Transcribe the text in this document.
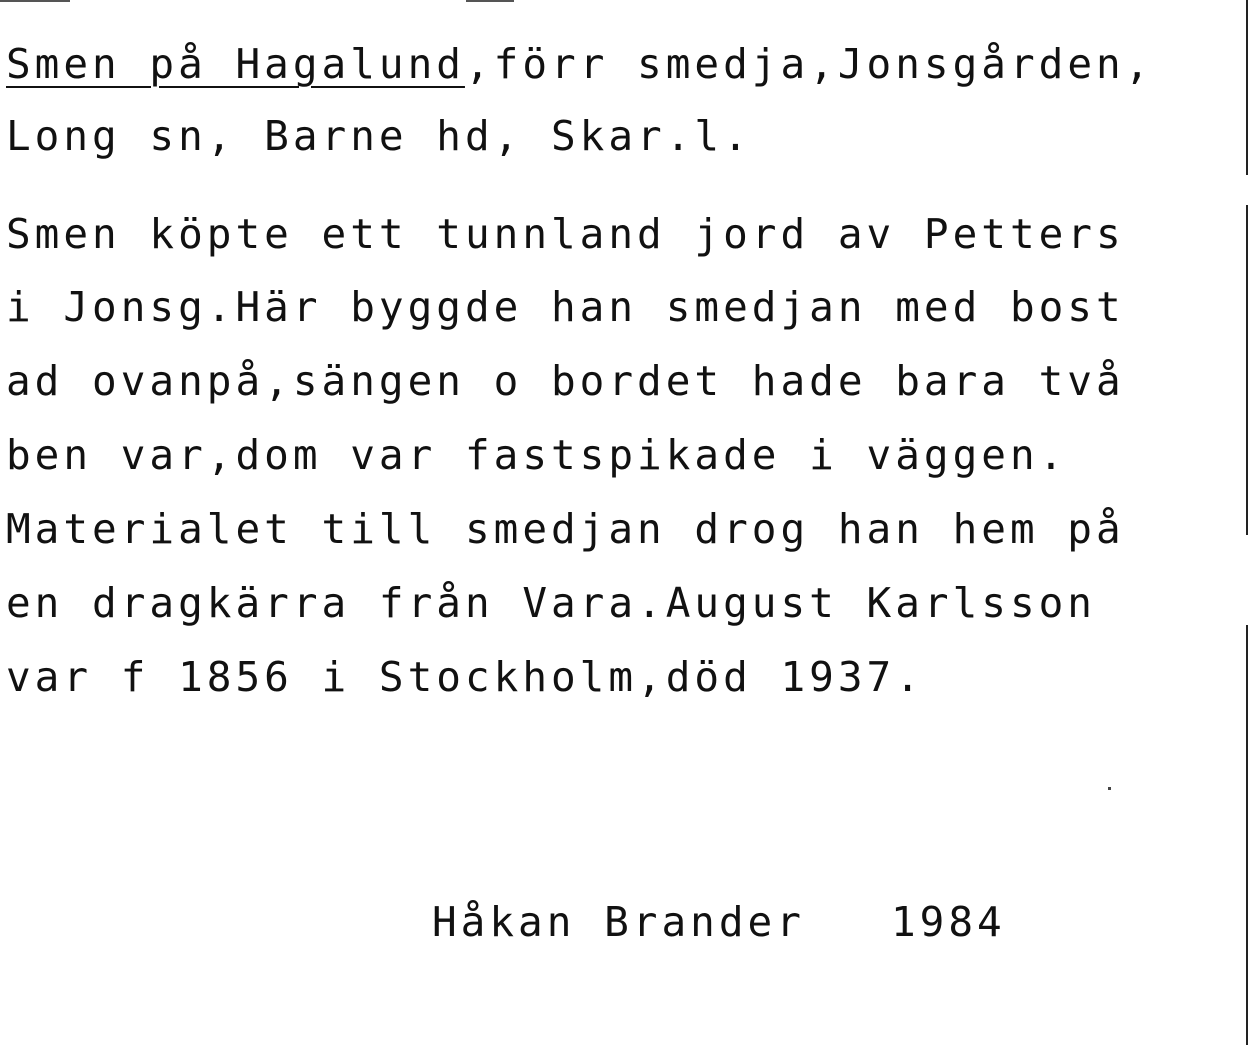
Smen på Hagalund,förr smedja,Jonsgården,
Long sn, Barne hd, Skar.l.
Smen köpte ett tunnland jord av Petters
i Jonsg.Här byggde han smedjan med bost
ad ovanpå,sängen o bordet hade bara två
ben var,dom var fastspikade i väggen.
Materialet till smedjan drog han hem på
en dragkärra från Vara.August Karlsson
var f 1856 i Stockholm,död 1937.
Håkan Brander   1984
